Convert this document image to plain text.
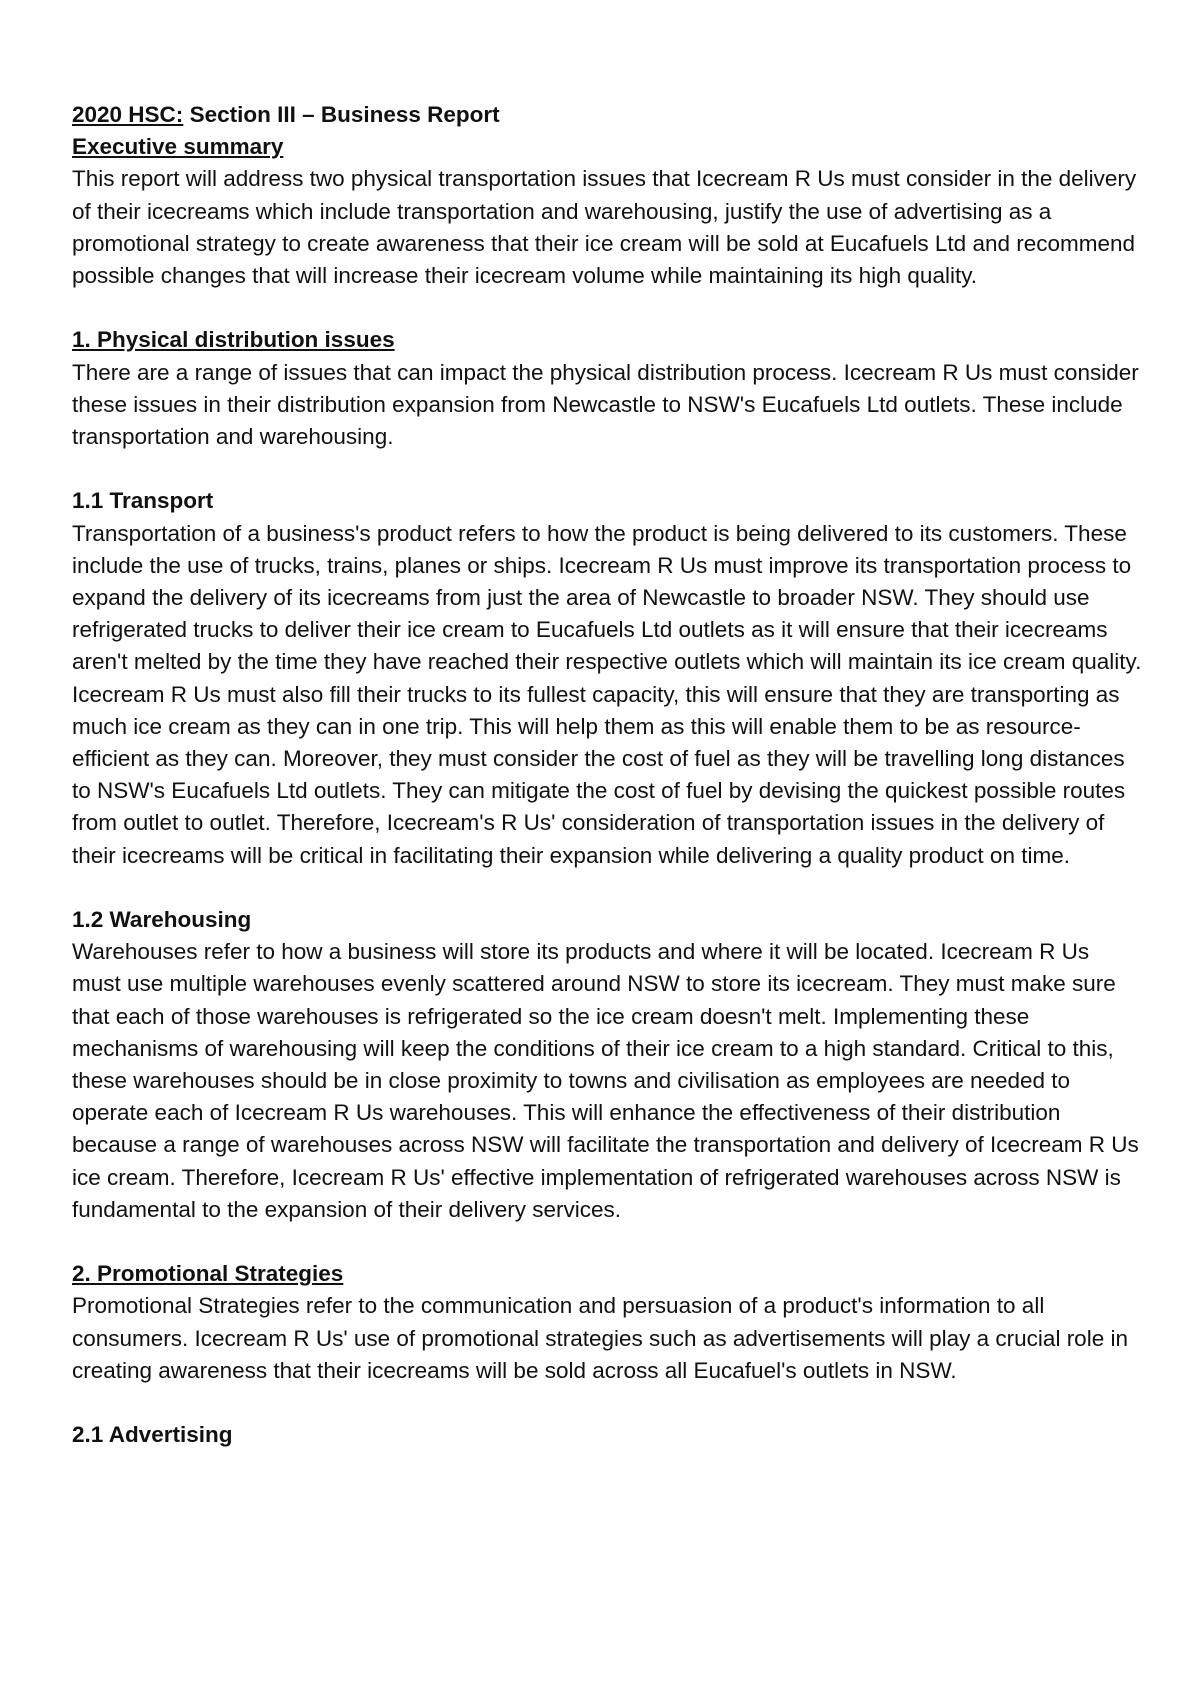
2020 HSC: Section III – Business Report

Executive summary

This report will address two physical transportation issues that Icecream R Us must consider in the delivery of their icecreams which include transportation and warehousing, justify the use of advertising as a promotional strategy to create awareness that their ice cream will be sold at Eucafuels Ltd and recommend possible changes that will increase their icecream volume while maintaining its high quality.

1. Physical distribution issues

There are a range of issues that can impact the physical distribution process. Icecream R Us must consider these issues in their distribution expansion from Newcastle to NSW's Eucafuels Ltd outlets. These include transportation and warehousing.

1.1 Transport

Transportation of a business's product refers to how the product is being delivered to its customers. These include the use of trucks, trains, planes or ships. Icecream R Us must improve its transportation process to expand the delivery of its icecreams from just the area of Newcastle to broader NSW. They should use refrigerated trucks to deliver their ice cream to Eucafuels Ltd outlets as it will ensure that their icecreams aren't melted by the time they have reached their respective outlets which will maintain its ice cream quality. Icecream R Us must also fill their trucks to its fullest capacity, this will ensure that they are transporting as much ice cream as they can in one trip. This will help them as this will enable them to be as resource-efficient as they can. Moreover, they must consider the cost of fuel as they will be travelling long distances to NSW's Eucafuels Ltd outlets. They can mitigate the cost of fuel by devising the quickest possible routes from outlet to outlet. Therefore, Icecream's R Us' consideration of transportation issues in the delivery of their icecreams will be critical in facilitating their expansion while delivering a quality product on time.

1.2 Warehousing

Warehouses refer to how a business will store its products and where it will be located. Icecream R Us must use multiple warehouses evenly scattered around NSW to store its icecream. They must make sure that each of those warehouses is refrigerated so the ice cream doesn't melt. Implementing these mechanisms of warehousing will keep the conditions of their ice cream to a high standard. Critical to this, these warehouses should be in close proximity to towns and civilisation as employees are needed to operate each of Icecream R Us warehouses. This will enhance the effectiveness of their distribution because a range of warehouses across NSW will facilitate the transportation and delivery of Icecream R Us ice cream. Therefore, Icecream R Us' effective implementation of refrigerated warehouses across NSW is fundamental to the expansion of their delivery services.

2. Promotional Strategies

Promotional Strategies refer to the communication and persuasion of a product's information to all consumers. Icecream R Us' use of promotional strategies such as advertisements will play a crucial role in creating awareness that their icecreams will be sold across all Eucafuel's outlets in NSW.

2.1 Advertising
